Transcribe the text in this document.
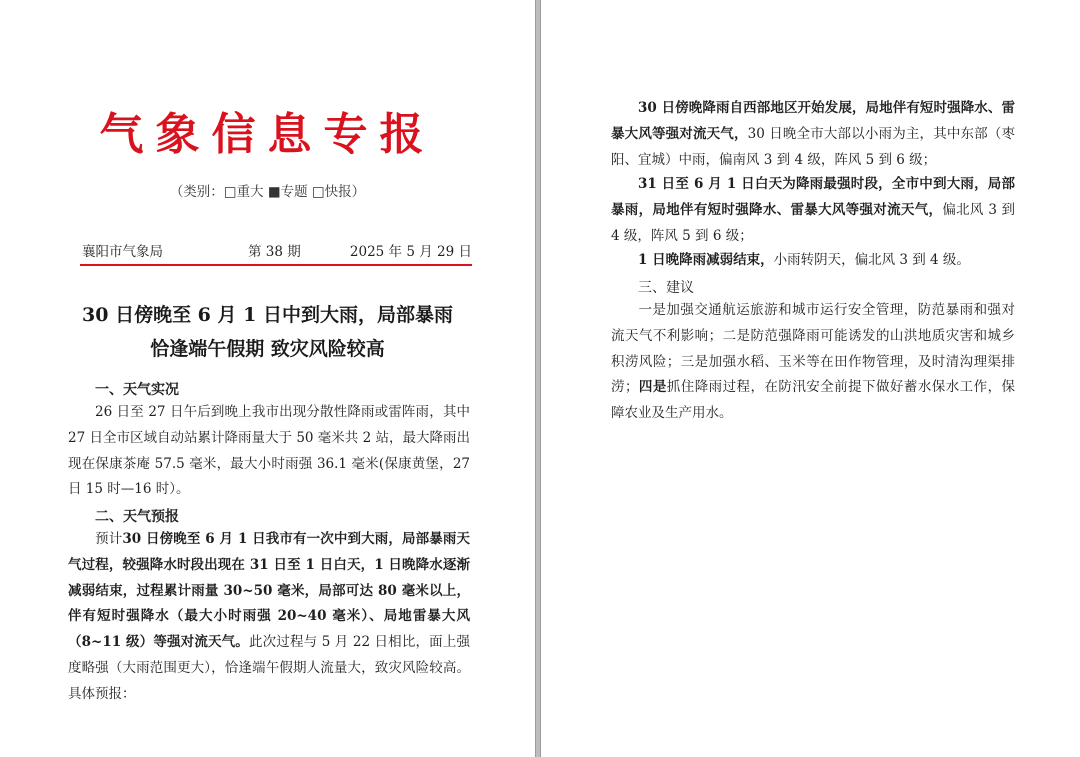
气象信息专报
（类别：□重大 ■专题 □快报）
襄阳市气象局	第 38 期	2025 年 5 月 29 日
30 日傍晚至 6 月 1 日中到大雨，局部暴雨
恰逢端午假期 致灾风险较高
一、天气实况
26 日至 27 日午后到晚上我市出现分散性降雨或雷阵雨，其中 27 日全市区域自动站累计降雨量大于 50 毫米共 2 站，最大降雨出现在保康茶庵 57.5 毫米，最大小时雨强 36.1 毫米(保康黄堡，27 日 15 时—16 时）。
二、天气预报
预计30 日傍晚至 6 月 1 日我市有一次中到大雨，局部暴雨天气过程，较强降水时段出现在 31 日至 1 日白天，1 日晚降水逐渐减弱结束，过程累计雨量 30~50 毫米，局部可达 80 毫米以上，伴有短时强降水（最大小时雨强 20~40 毫米）、局地雷暴大风（8~11 级）等强对流天气。此次过程与 5 月 22 日相比，面上强度略强（大雨范围更大），恰逢端午假期人流量大，致灾风险较高。具体预报：
30 日傍晚降雨自西部地区开始发展，局地伴有短时强降水、雷暴大风等强对流天气，30 日晚全市大部以小雨为主，其中东部（枣阳、宜城）中雨，偏南风 3 到 4 级，阵风 5 到 6 级；
31 日至 6 月 1 日白天为降雨最强时段，全市中到大雨，局部暴雨，局地伴有短时强降水、雷暴大风等强对流天气，偏北风 3 到 4 级，阵风 5 到 6 级；
1 日晚降雨减弱结束，小雨转阴天，偏北风 3 到 4 级。
三、建议
一是加强交通航运旅游和城市运行安全管理，防范暴雨和强对流天气不利影响；二是防范强降雨可能诱发的山洪地质灾害和城乡积涝风险；三是加强水稻、玉米等在田作物管理，及时清沟理渠排涝；四是抓住降雨过程，在防汛安全前提下做好蓄水保水工作，保障农业及生产用水。
